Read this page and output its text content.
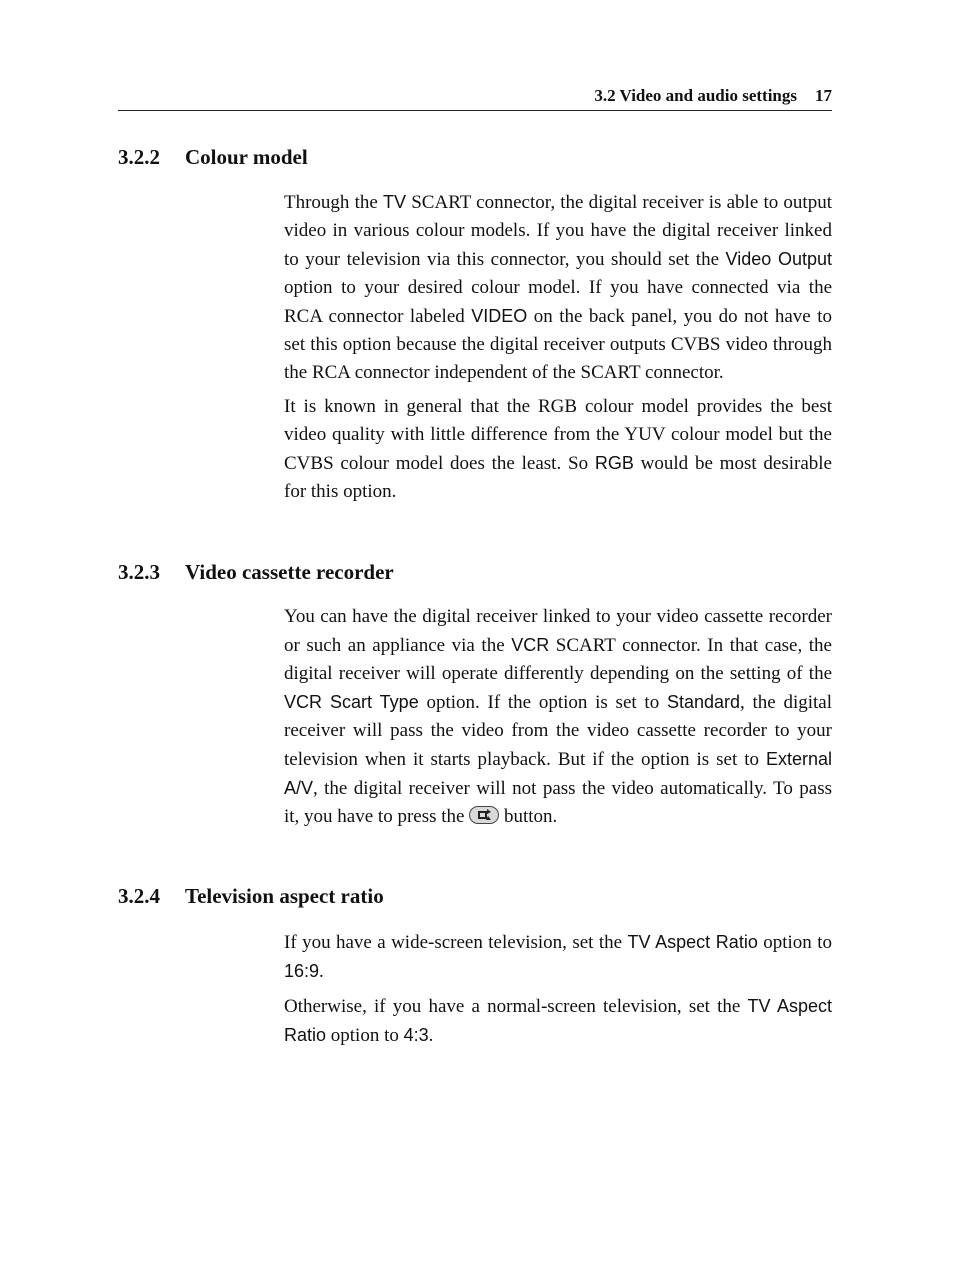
3.2 Video and audio settings 17
3.2.2 Colour model

Through the TV SCART connector, the digital receiver is able to output video in various colour models. If you have the digital receiver linked to your television via this connector, you should set the Video Output option to your desired colour model. If you have connected via the RCA connector labeled VIDEO on the back panel, you do not have to set this option because the digital receiver outputs CVBS video through the RCA connector independent of the SCART connector.

It is known in general that the RGB colour model provides the best video quality with little difference from the YUV colour model but the CVBS colour model does the least. So RGB would be most desirable for this option.

3.2.3 Video cassette recorder

You can have the digital receiver linked to your video cassette recorder or such an appliance via the VCR SCART connector. In that case, the digital receiver will operate differently depending on the setting of the VCR Scart Type option. If the option is set to Standard, the digital receiver will pass the video from the video cassette recorder to your television when it starts playback. But if the option is set to External A/V, the digital receiver will not pass the video automatically. To pass it, you have to press the
button.

3.2.4 Television aspect ratio

If you have a wide-screen television, set the TV Aspect Ratio option to 16:9.

Otherwise, if you have a normal-screen television, set the TV Aspect Ratio option to 4:3.
